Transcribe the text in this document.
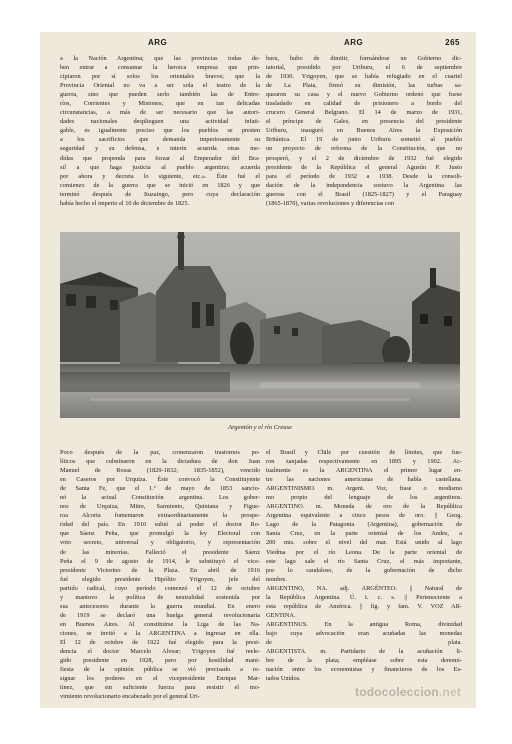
ARG	ARG	265
a la Nación Argentina; que las provincias todas de-
ben entrar a consumar la heroica empresa que prin-
cipiaron por sí solos los orientales bravos; que la
Provincia Oriental no va a ser sola el teatro de la
guerra, sino que pueden serlo también las de Entre-
ríos, Corrientes y Misiones; que en tan delicadas
circunstancias, a más de ser necesario que las autori-
dades nacionales desplieguen una actividad infati-
gable, es igualmente preciso que los pueblos se presten
a los sacrificios que demanda imperiosamente su
seguridad y su defensa, e interin acuerda otras me-
didas que propenda para forzar al Emperador del Bra-
sil a que haga justicia al pueblo argentino; acuerda
por ahora y decreta lo siguiente, etc.». Éste fué el
comienzo de la guerra que se inició en 1826 y que
terminó después de Ituzaingo, pero cuya declaración
había hecho el imperio el 10 de diciembre de 1825.
buru, hubo de dimitir, formándose un Gobierno dic-
tatorial, presidido por Uriburu, el 6 de septiembre
de 1930. Yrigoyen, que se había refugiado en el cuartel
de La Plata, firmó su dimisión, las turbas sa-
quearon su casa y el nuevo Gobierno ordenó que fuese
trasladado en calidad de prisionero a bordo del
crucero General Belgrano. El 14 de marzo de 1931,
el príncipe de Gales, en presencia del presidente
Uriburu, inauguró en Buenos Aires la Exposición
Británica. El 19 de junio Uriburu sometió al pueblo
un proyecto de reforma de la Constitución, que no
prosperó, y el 2 de diciembre de 1932 fué elegido
presidente de la República el general Agustín P. Justo
para el período de 1932 a 1938. Desde la consoli-
dación de la independencia sostuvo la Argentina las
guerras con el Brasil (1825-1827) y el Paraguay
(1865-1870), varias revoluciones y diferencias con
Argentón y el río Creuse
Poco después de la paz, comenzaron trastornos po-
líticos que culminaron en la dictadura de don Juan
Manuel de Rosas (1829-1832; 1835-1852), vencido
en Caseros por Urquiza. Éste convocó la Constituyente
de Santa Fe, que el 1.º de mayo de 1853 sancio-
nó la actual Constitución argentina. Los gober-
nos de Urquiza, Mitre, Sarmiento, Quintana y Figue-
roa Alcorta fomentaron extraordinariamente la prospe-
ridad del país. En 1910 subió al poder el doctor Ro-
que Sáenz Peña, que promulgó la ley Electoral con
voto secreto, universal y obligatorio, y representación
de las minorías. Falleció el presidente Sáenz
Peña el 9 de agosto de 1914, le substituyó el vice-
presidente Victorino de la Plaza. En abril de 1916
fué elegido presidente Hipólito Yrigoyen, jefe del
partido radical, cuyo período comenzó el 12 de octubre
y mantuvo la política de neutralidad sostenida por
sus antecesores durante la guerra mundial. En enero
de 1919 se declaró una huelga general revolucionaria
en Buenos Aires. Al constituirse la Liga de las Na-
ciones, se invitó a la ARGENTINA a ingresar en ella.
El 12 de octubre de 1922 fué elegido para la presi-
dencia el doctor Marcelo Alvear; Yrigoyen fué reele-
gido presidente en 1928, pero por hostilidad mani-
fiesta de la opinión pública se vió precisado a re-
signar los poderes en el vicepresidente Enrique Mar-
tínez, que sin suficiente fuerza para resistir el mo-
vimiento revolucionario encabezado por el general Uri-
el Brasil y Chile por cuestión de límites, que fue-
ron zanjadas respectivamente en 1895 y 1902. Ac-
tualmente es la ARGENTINA el primer lugar en-
tre las naciones americanas de habla castellana.
ARGENTINISMO. m. Argent. Voz, frase o modismo
mo propio del lenguaje de los argentinos.
ARGENTINO. m. Moneda de oro de la República
Argentina equivalente a cinco pesos de oro. || Geog.
Lago de la Patagonia (Argentina), gobernación de
Santa Cruz, en la parte oriental de los Andes, a
200 mts. sobre el nivel del mar. Está unido al lago
Viedma por el río Leona. De la parte oriental de
este lago sale el río Santa Cruz, el más importante,
por lo caudaloso, de la gobernación de dicho
nombre.
ARGENTINO, NA. adj. ARGÉNTEO. || Natural de
la República Argentina. Ú. t. c. s. || Perteneciente a
esta república de América. || fig. y fam. V. VOZ AR-
GENTINA.
ARGENTINUS. En la antigua Roma, divinidad
bajo cuya advocación eran acuñadas las monedas
de plata.
ARGENTISTA. m. Partidario de la acuñación li-
bre de la plata; empléase sobre esta denomi-
nación entre los economistas y financieros de los Es-
tados Unidos.
todocoleccion.net
